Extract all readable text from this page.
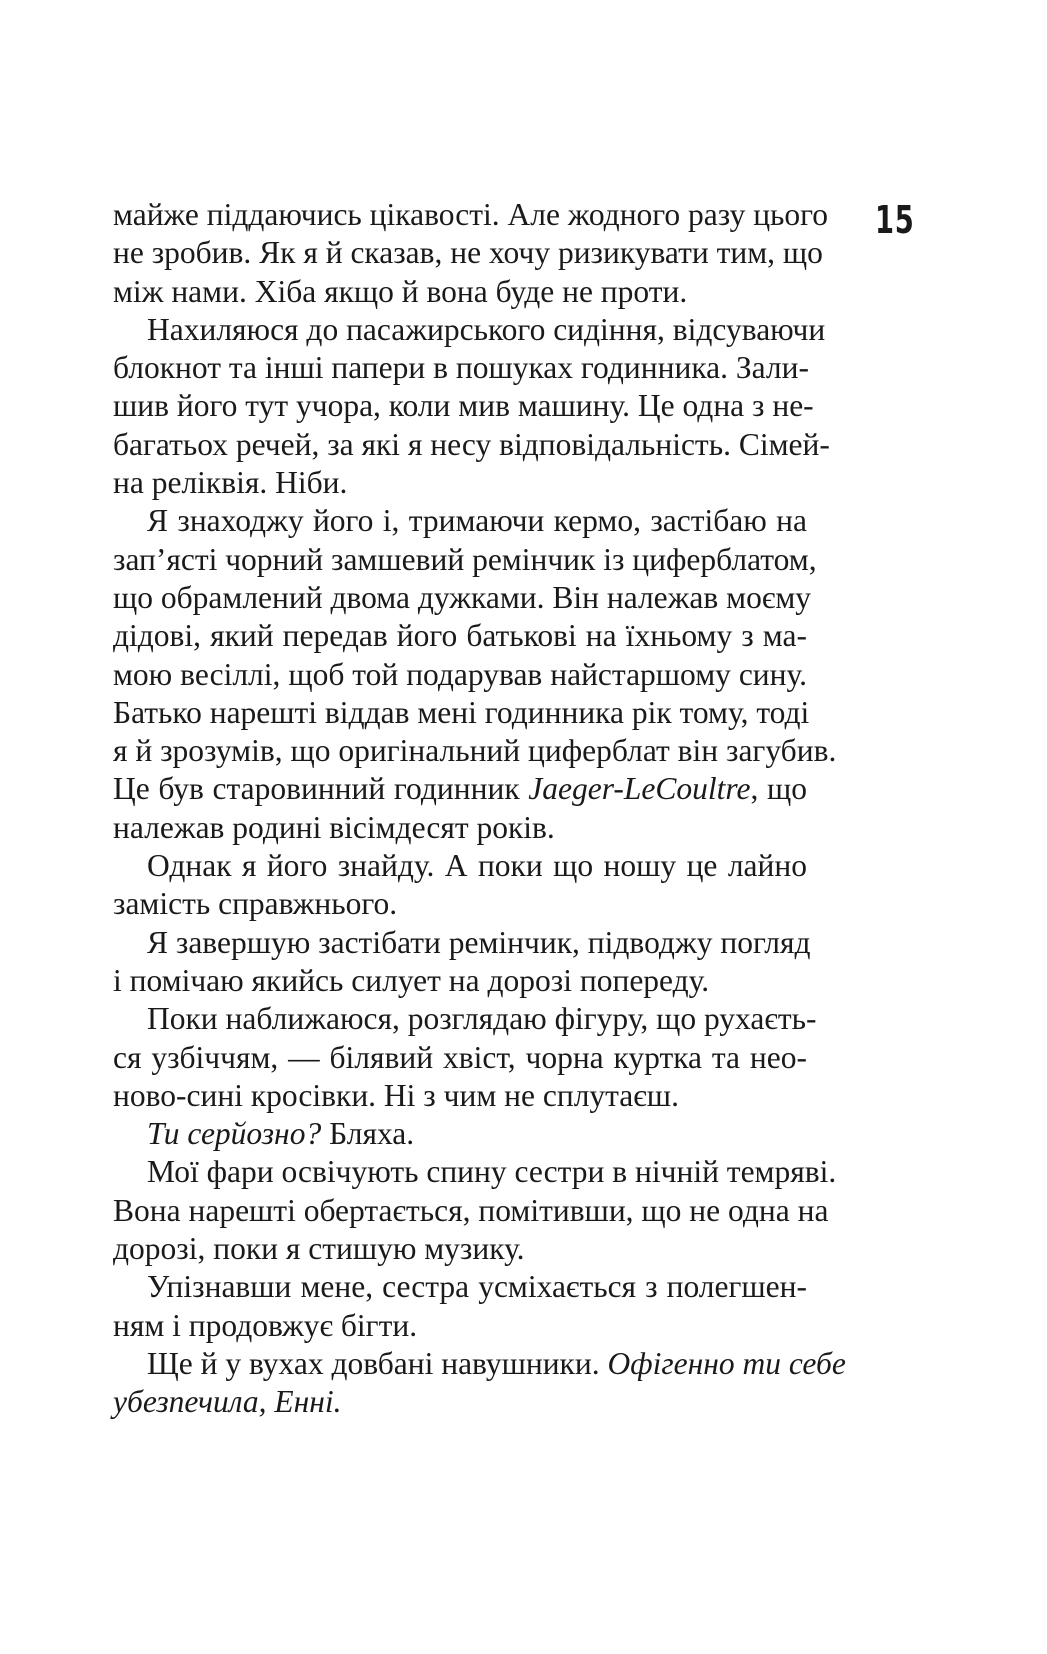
15

майже піддаючись цікавості. Але жодного разу цього
не зробив. Як я й сказав, не хочу ризикувати тим, що
між нами. Хіба якщо й вона буде не проти.

Нахиляюся до пасажирського сидіння, відсуваючи
блокнот та інші папери в пошуках годинника. Зали-
шив його тут учора, коли мив машину. Це одна з не-
багатьох речей, за які я несу відповідальність. Сімей-
на реліквія. Ніби.

Я знаходжу його і, тримаючи кермо, застібаю на
зап’ясті чорний замшевий ремінчик із циферблатом,
що обрамлений двома дужками. Він належав моєму
дідові, який передав його батькові на їхньому з ма-
мою весіллі, щоб той подарував найстаршому сину.
Батько нарешті віддав мені годинника рік тому, тоді
я й зрозумів, що оригінальний циферблат він загубив.
Це був старовинний годинник Jaeger-LeCoultre, що
належав родині вісімдесят років.

Однак я його знайду. А поки що ношу це лайно
замість справжнього.

Я завершую застібати ремінчик, підводжу погляд
і помічаю якийсь силует на дорозі попереду.

Поки наближаюся, розглядаю фігуру, що рухаєть-
ся узбіччям, — білявий хвіст, чорна куртка та нео-
ново-сині кросівки. Ні з чим не сплутаєш.

Ти серйозно? Бляха.

Мої фари освічують спину сестри в нічній темряві.
Вона нарешті обертається, помітивши, що не одна на
дорозі, поки я стишую музику.

Упізнавши мене, сестра усміхається з полегшен-
ням і продовжує бігти.

Ще й у вухах довбані навушники. Офігенно ти себе
убезпечила, Енні.
